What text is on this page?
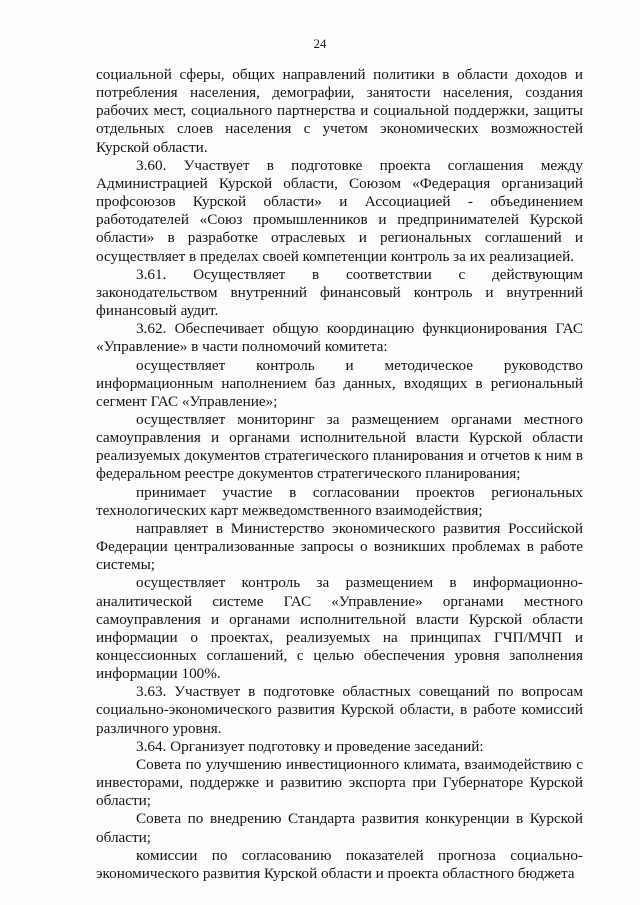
24

социальной сферы, общих направлений политики в области доходов и потребления населения, демографии, занятости населения, создания рабочих мест, социального партнерства и социальной поддержки, защиты отдельных слоев населения с учетом экономических возможностей Курской области.

3.60. Участвует в подготовке проекта соглашения между Администрацией Курской области, Союзом «Федерация организаций профсоюзов Курской области» и Ассоциацией - объединением работодателей «Союз промышленников и предпринимателей Курской области» в разработке отраслевых и региональных соглашений и осуществляет в пределах своей компетенции контроль за их реализацией.

3.61. Осуществляет в соответствии с действующим законодательством внутренний финансовый контроль и внутренний финансовый аудит.

3.62. Обеспечивает общую координацию функционирования ГАС «Управление» в части полномочий комитета:

осуществляет контроль и методическое руководство информационным наполнением баз данных, входящих в региональный сегмент ГАС «Управление»;

осуществляет мониторинг за размещением органами местного самоуправления и органами исполнительной власти Курской области реализуемых документов стратегического планирования и отчетов к ним в федеральном реестре документов стратегического планирования;

принимает участие в согласовании проектов региональных технологических карт межведомственного взаимодействия;

направляет в Министерство экономического развития Российской Федерации централизованные запросы о возникших проблемах в работе системы;

осуществляет контроль за размещением в информационно-аналитической системе ГАС «Управление» органами местного самоуправления и органами исполнительной власти Курской области информации о проектах, реализуемых на принципах ГЧП/МЧП и концессионных соглашений, с целью обеспечения уровня заполнения информации 100%.

3.63. Участвует в подготовке областных совещаний по вопросам социально-экономического развития Курской области, в работе комиссий различного уровня.

3.64. Организует подготовку и проведение заседаний:

Совета по улучшению инвестиционного климата, взаимодействию с инвесторами, поддержке и развитию экспорта при Губернаторе Курской области;

Совета по внедрению Стандарта развития конкуренции в Курской области;

комиссии по согласованию показателей прогноза социально-экономического развития Курской области и проекта областного бюджета
